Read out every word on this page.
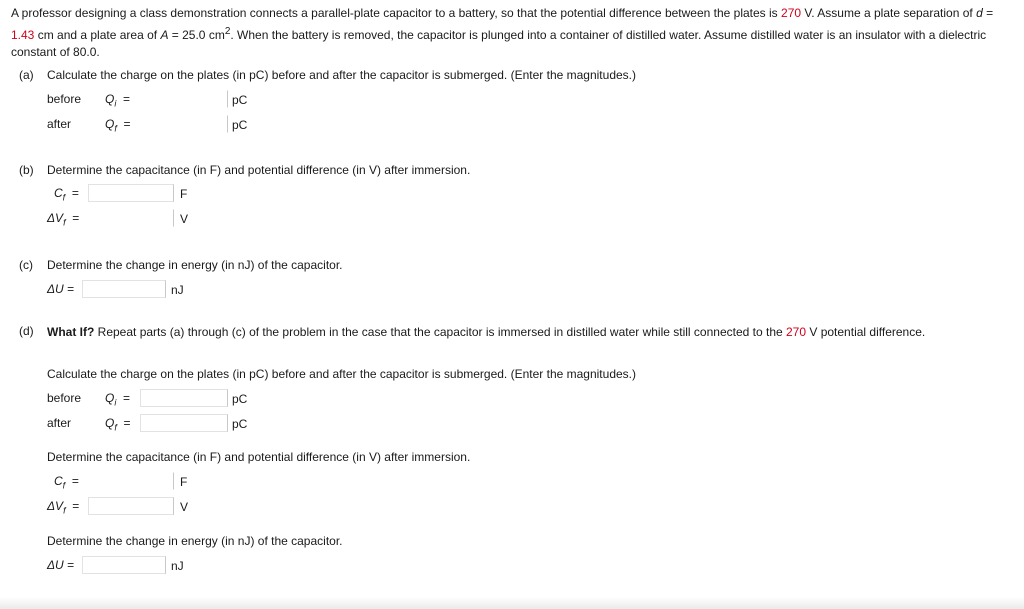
A professor designing a class demonstration connects a parallel-plate capacitor to a battery, so that the potential difference between the plates is 270 V. Assume a plate separation of d = 1.43 cm and a plate area of A = 25.0 $cm^2$. When the battery is removed, the capacitor is plunged into a container of distilled water. Assume distilled water is an insulator with a dielectric constant of 80.0.
(a) Calculate the charge on the plates (in pC) before and after the capacitor is submerged. (Enter the magnitudes.)
before $Q_i$ =	pC
after	$Q_f$ =	pC
(b) Determine the capacitance (in F) and potential difference (in V) after immersion.
$C_f$ =	F
$\Delta V_f$ =	V
(c) Determine the change in energy (in nJ) of the capacitor.
ΔU =	nJ
(d) What If? Repeat parts (a) through (c) of the problem in the case that the capacitor is immersed in distilled water while still connected to the 270 V potential difference.
Calculate the charge on the plates (in pC) before and after the capacitor is submerged. (Enter the magnitudes.)
before $Q_i$ =	pC
after	$Q_f$ =	pC
Determine the capacitance (in F) and potential difference (in V) after immersion.
$C_f$ =	F
$\Delta V_f$ =	V
Determine the change in energy (in nJ) of the capacitor.
ΔU =	nJ
